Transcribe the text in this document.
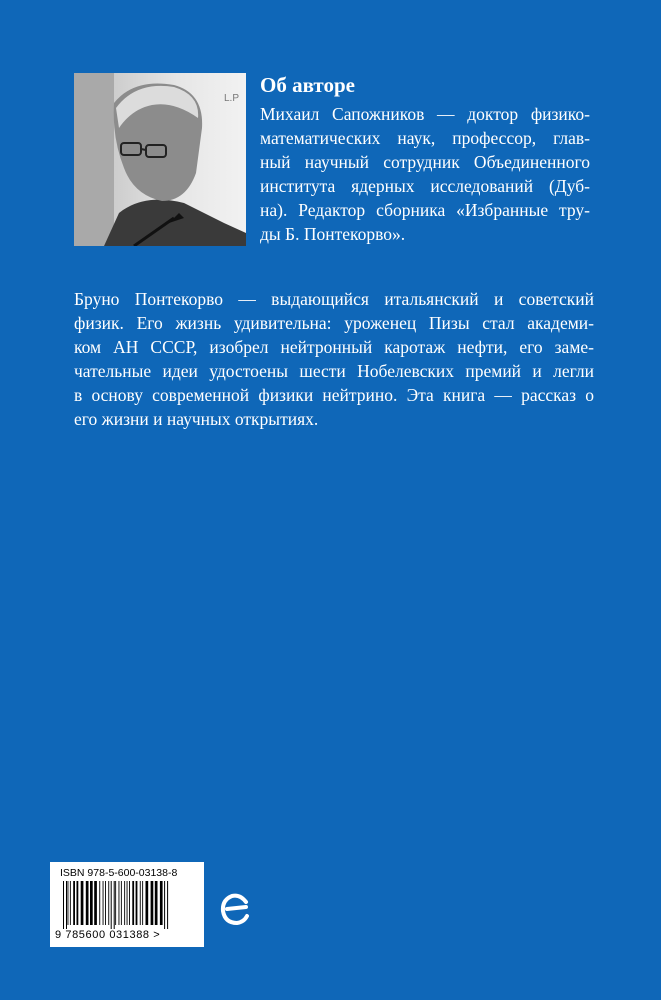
L.P
Об авторе
Михаил Сапожников — доктор физико-
математических наук, профессор, глав-
ный научный сотрудник Объединенного
института ядерных исследований (Дуб-
на). Редактор сборника «Избранные тру-
ды Б. Понтекорво».
Бруно Понтекорво — выдающийся итальянский и советский
физик. Его жизнь удивительна: уроженец Пизы стал академи-
ком АН СССР, изобрел нейтронный каротаж нефти, его заме-
чательные идеи удостоены шести Нобелевских премий и легли
в основу современной физики нейтрино. Эта книга — рассказ о
его жизни и научных открытиях.
ISBN 978-5-600-03138-8
9 785600 031388 >
